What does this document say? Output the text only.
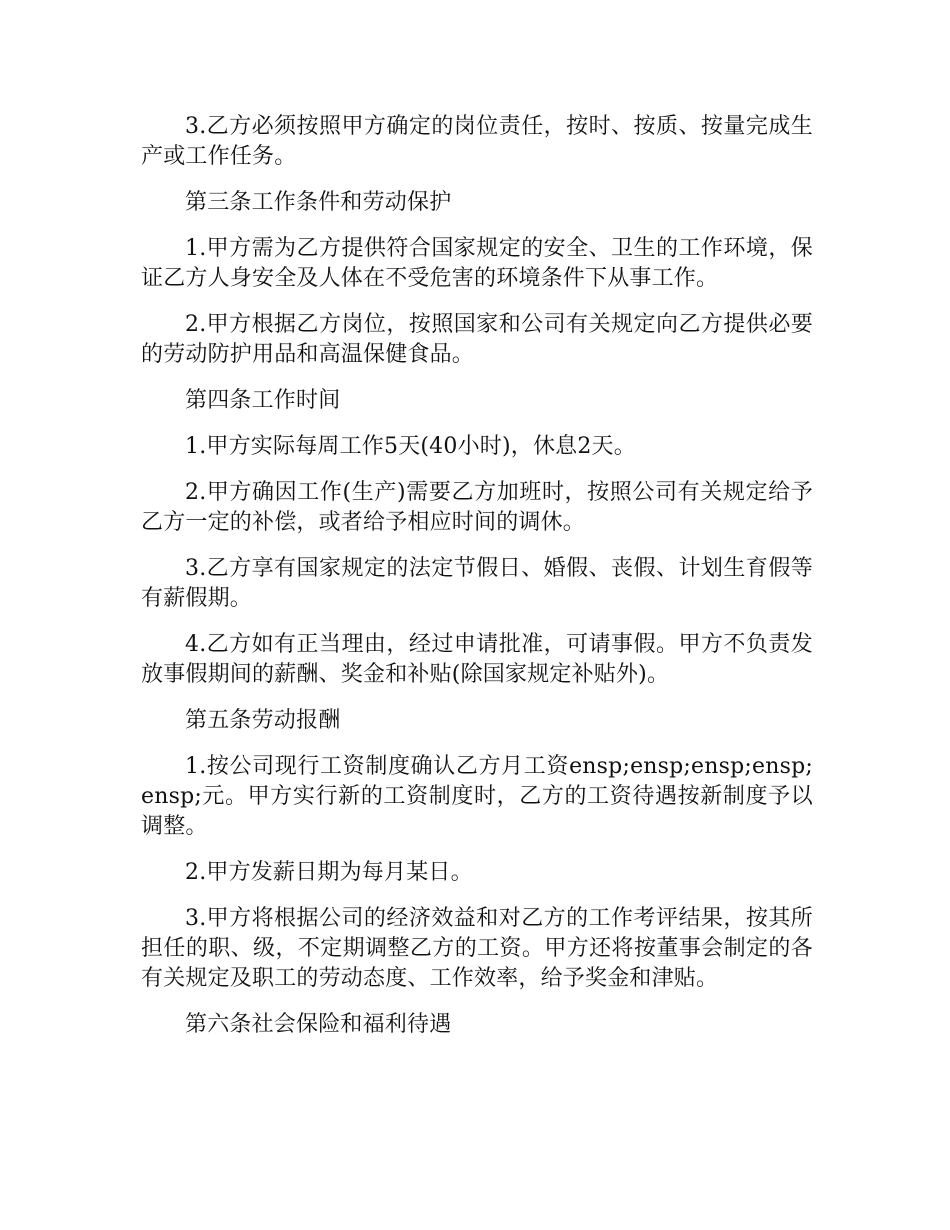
3.乙方必须按照甲方确定的岗位责任，按时、按质、按量完成生产或工作任务。

第三条工作条件和劳动保护

1.甲方需为乙方提供符合国家规定的安全、卫生的工作环境，保证乙方人身安全及人体在不受危害的环境条件下从事工作。

2.甲方根据乙方岗位，按照国家和公司有关规定向乙方提供必要的劳动防护用品和高温保健食品。

第四条工作时间

1.甲方实际每周工作5天(40小时)，休息2天。

2.甲方确因工作(生产)需要乙方加班时，按照公司有关规定给予乙方一定的补偿，或者给予相应时间的调休。

3.乙方享有国家规定的法定节假日、婚假、丧假、计划生育假等有薪假期。

4.乙方如有正当理由，经过申请批准，可请事假。甲方不负责发放事假期间的薪酬、奖金和补贴(除国家规定补贴外)。

第五条劳动报酬

1.按公司现行工资制度确认乙方月工资ensp;ensp;ensp;ensp;ensp;元。甲方实行新的工资制度时，乙方的工资待遇按新制度予以调整。

2.甲方发薪日期为每月某日。

3.甲方将根据公司的经济效益和对乙方的工作考评结果，按其所担任的职、级，不定期调整乙方的工资。甲方还将按董事会制定的各有关规定及职工的劳动态度、工作效率，给予奖金和津贴。

第六条社会保险和福利待遇
